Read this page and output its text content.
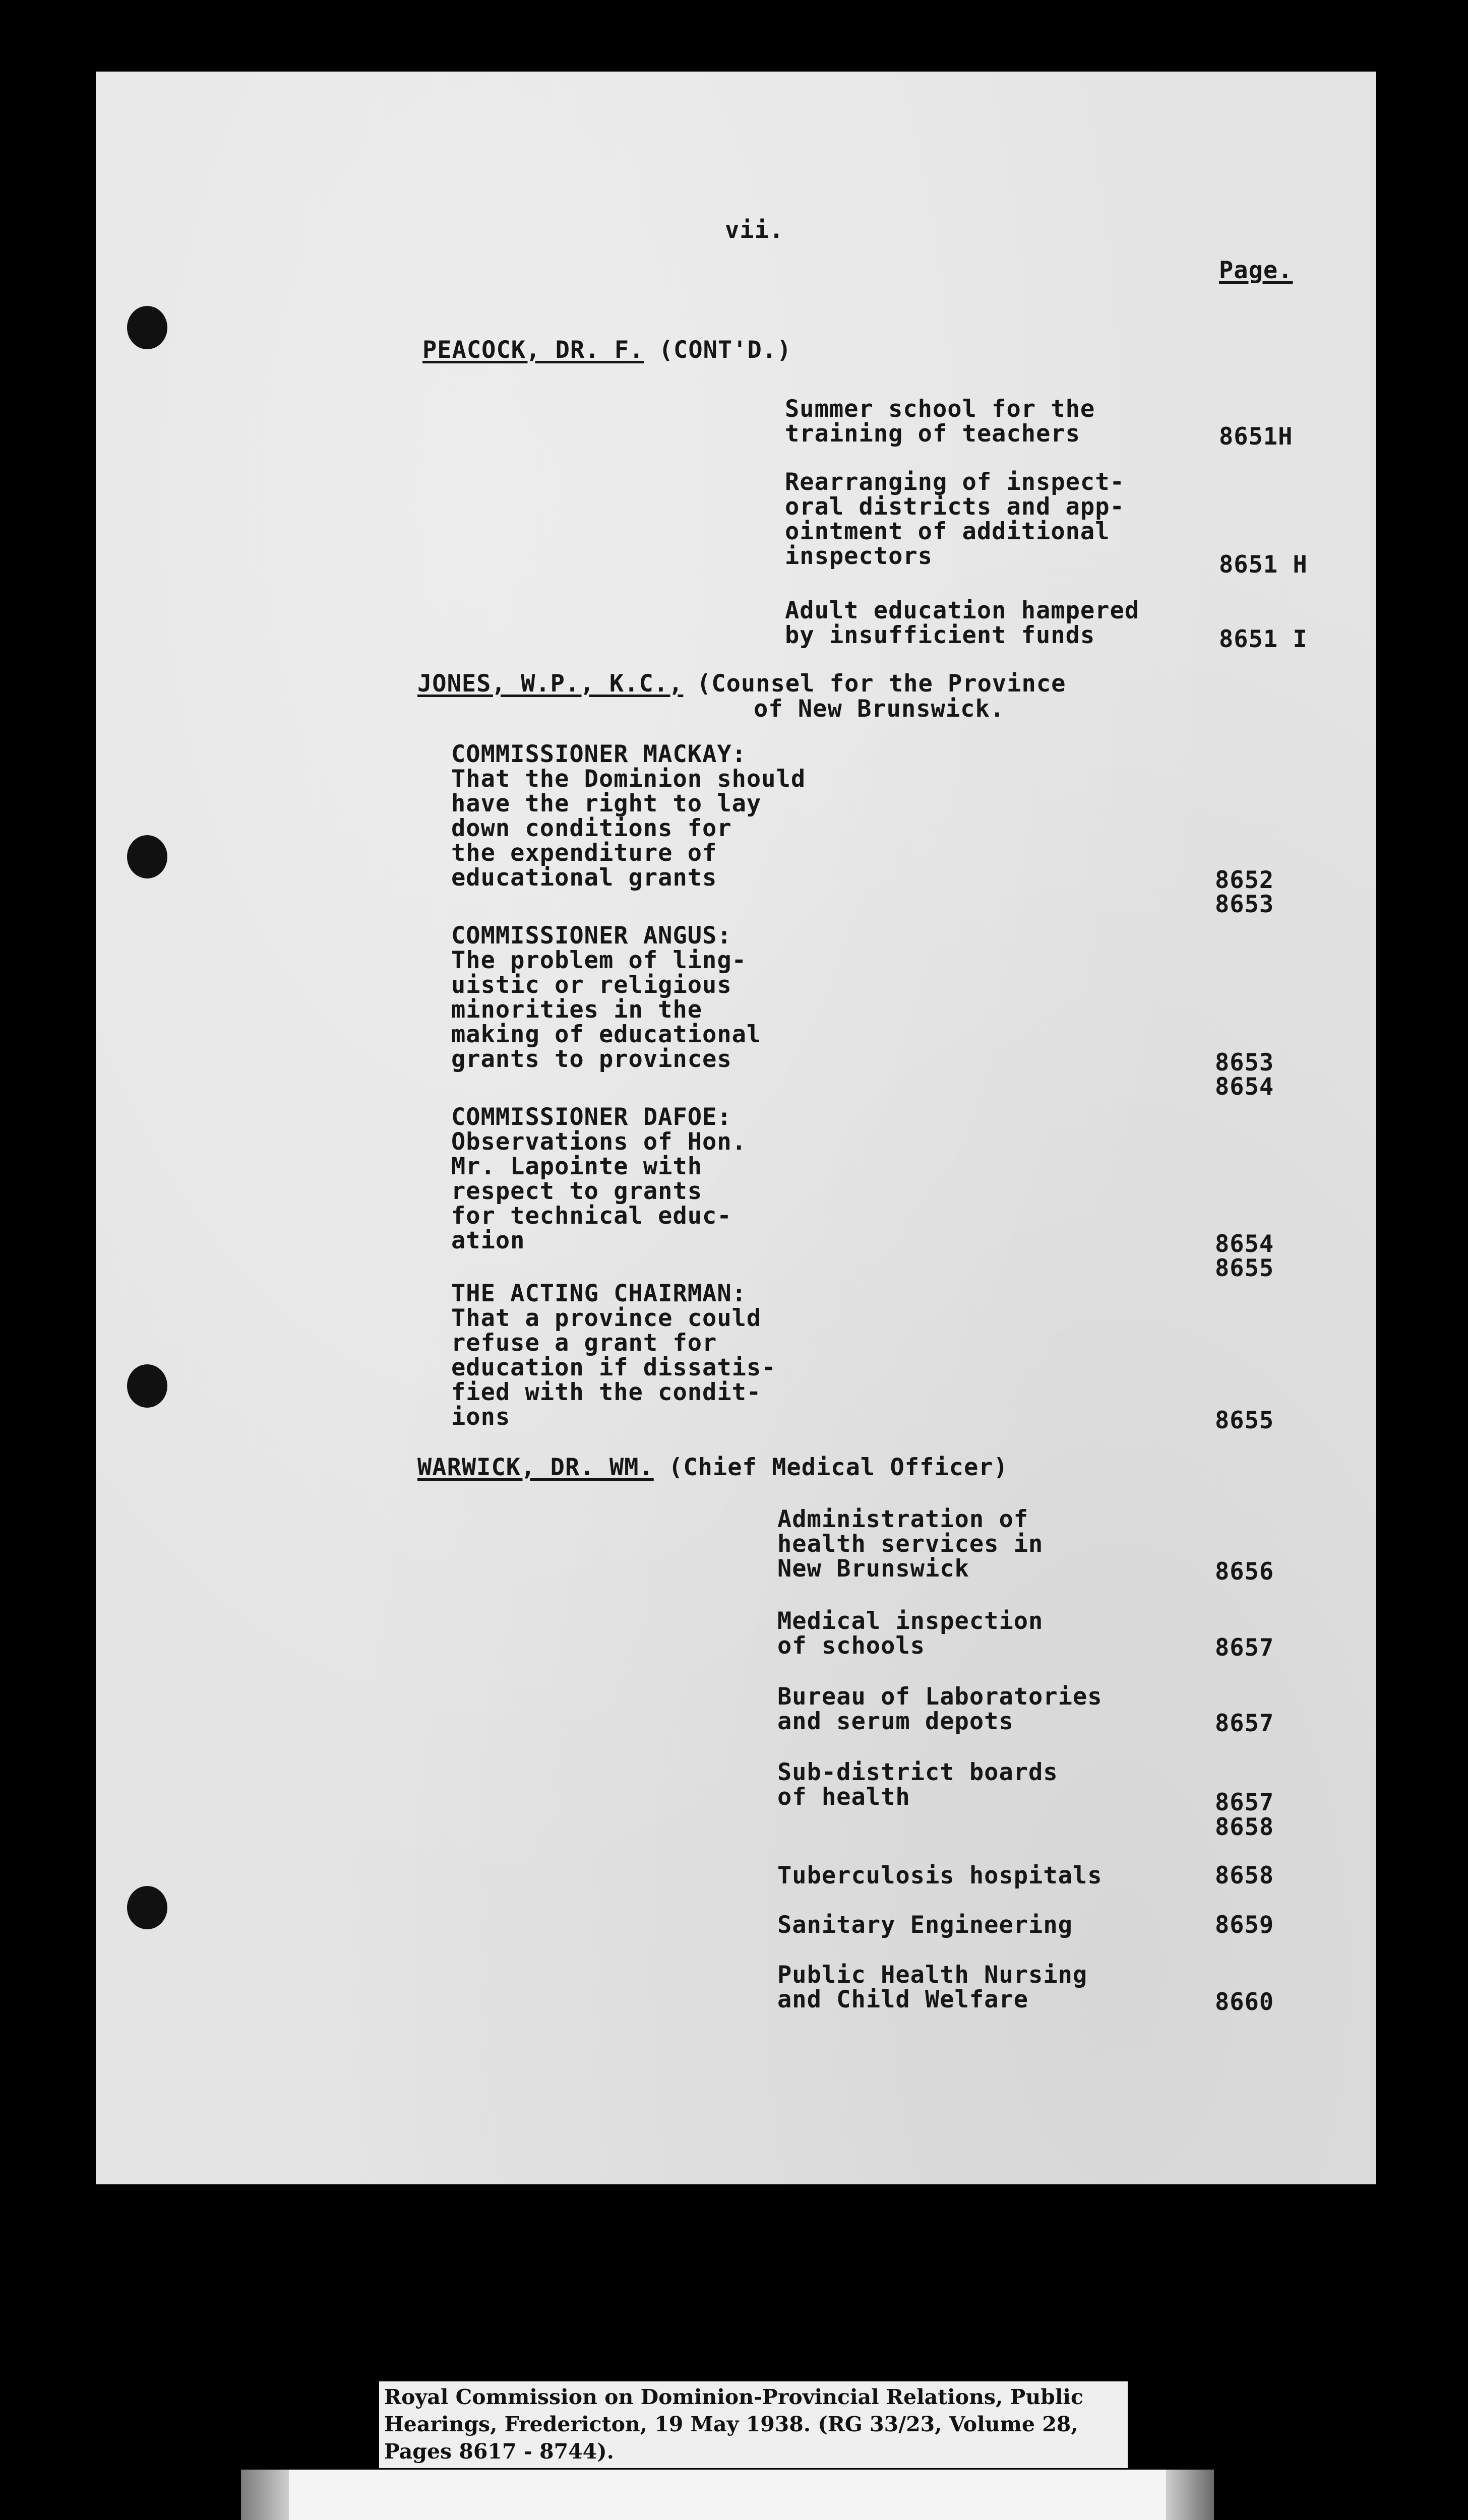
vii.
Page.
PEACOCK, DR. F. (CONT'D.)
Summer school for the
training of teachers	8651H
Rearranging of inspect-
oral districts and app-
ointment of additional
inspectors	8651 H
Adult education hampered
by insufficient funds	8651 I
JONES, W.P., K.C., (Counsel for the Province
of New Brunswick.
COMMISSIONER MACKAY:
That the Dominion should
have the right to lay
down conditions for
the expenditure of
educational grants	8652
8653
COMMISSIONER ANGUS:
The problem of ling-
uistic or religious
minorities in the
making of educational
grants to provinces	8653
8654
COMMISSIONER DAFOE:
Observations of Hon.
Mr. Lapointe with
respect to grants
for technical educ-
ation	8654
8655
THE ACTING CHAIRMAN:
That a province could
refuse a grant for
education if dissatis-
fied with the condit-
ions	8655
WARWICK, DR. WM. (Chief Medical Officer)
Administration of
health services in
New Brunswick	8656
Medical inspection
of schools	8657
Bureau of Laboratories
and serum depots	8657
Sub-district boards
of health	8657
8658
Tuberculosis hospitals	8658
Sanitary Engineering	8659
Public Health Nursing
and Child Welfare	8660
Royal Commission on Dominion-Provincial Relations, Public
Hearings, Fredericton, 19 May 1938. (RG 33/23, Volume 28,
Pages 8617 - 8744).
